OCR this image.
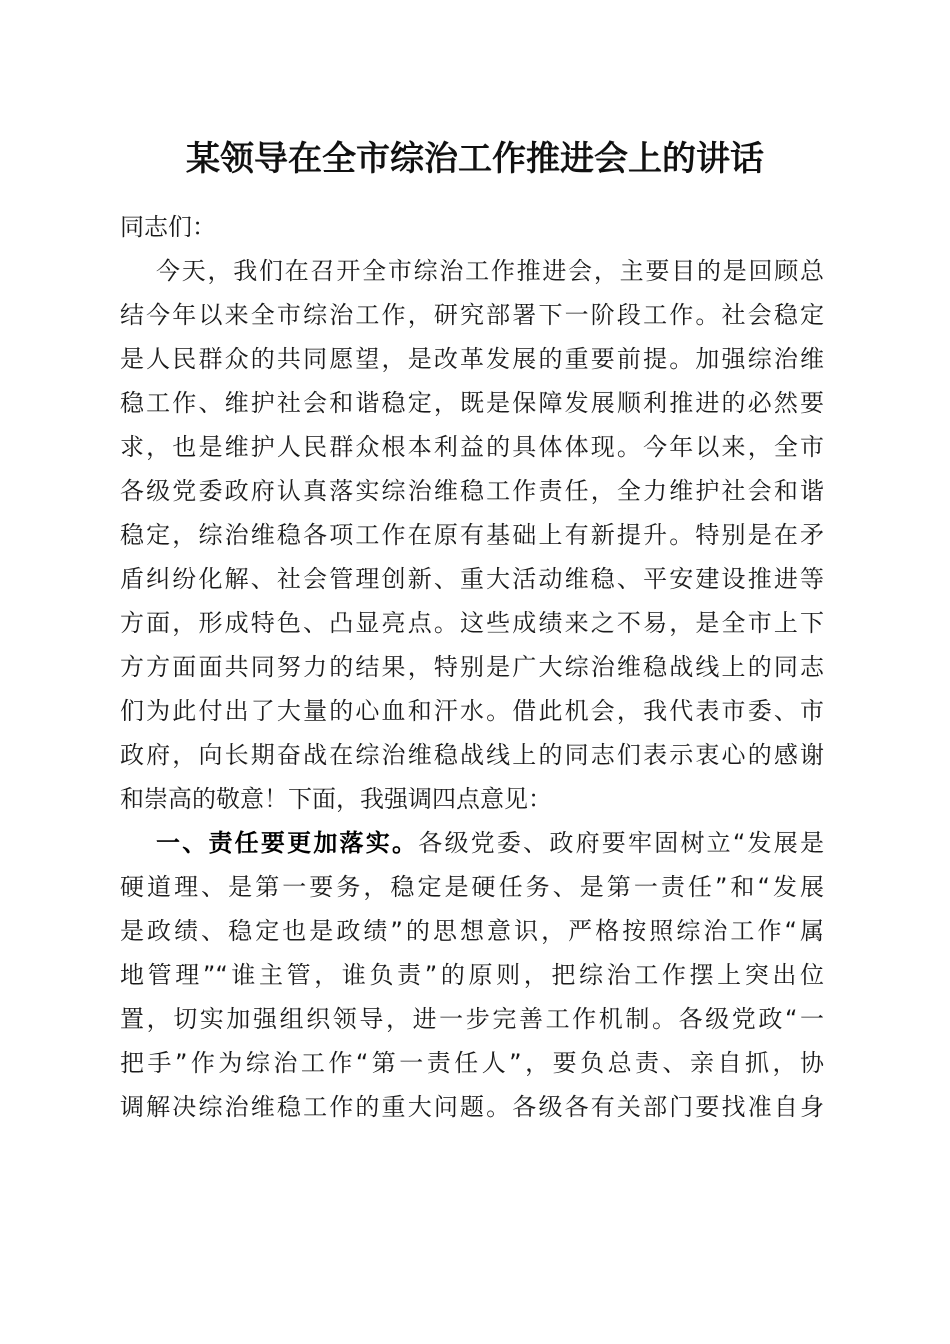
某领导在全市综治工作推进会上的讲话

同志们：

今天，我们在召开全市综治工作推进会，主要目的是回顾总
结今年以来全市综治工作，研究部署下一阶段工作。社会稳定
是人民群众的共同愿望，是改革发展的重要前提。加强综治维
稳工作、维护社会和谐稳定，既是保障发展顺利推进的必然要
求，也是维护人民群众根本利益的具体体现。今年以来，全市
各级党委政府认真落实综治维稳工作责任，全力维护社会和谐
稳定，综治维稳各项工作在原有基础上有新提升。特别是在矛
盾纠纷化解、社会管理创新、重大活动维稳、平安建设推进等
方面，形成特色、凸显亮点。这些成绩来之不易，是全市上下
方方面面共同努力的结果，特别是广大综治维稳战线上的同志
们为此付出了大量的心血和汗水。借此机会，我代表市委、市
政府，向长期奋战在综治维稳战线上的同志们表示衷心的感谢
和崇高的敬意！下面，我强调四点意见：
一、责任要更加落实。各级党委、政府要牢固树立“发展是
硬道理、是第一要务，稳定是硬任务、是第一责任”和“发展
是政绩、稳定也是政绩”的思想意识，严格按照综治工作“属
地管理”“谁主管，谁负责”的原则，把综治工作摆上突出位
置，切实加强组织领导，进一步完善工作机制。各级党政“一
把手”作为综治工作“第一责任人”，要负总责、亲自抓，协
调解决综治维稳工作的重大问题。各级各有关部门要找准自身
